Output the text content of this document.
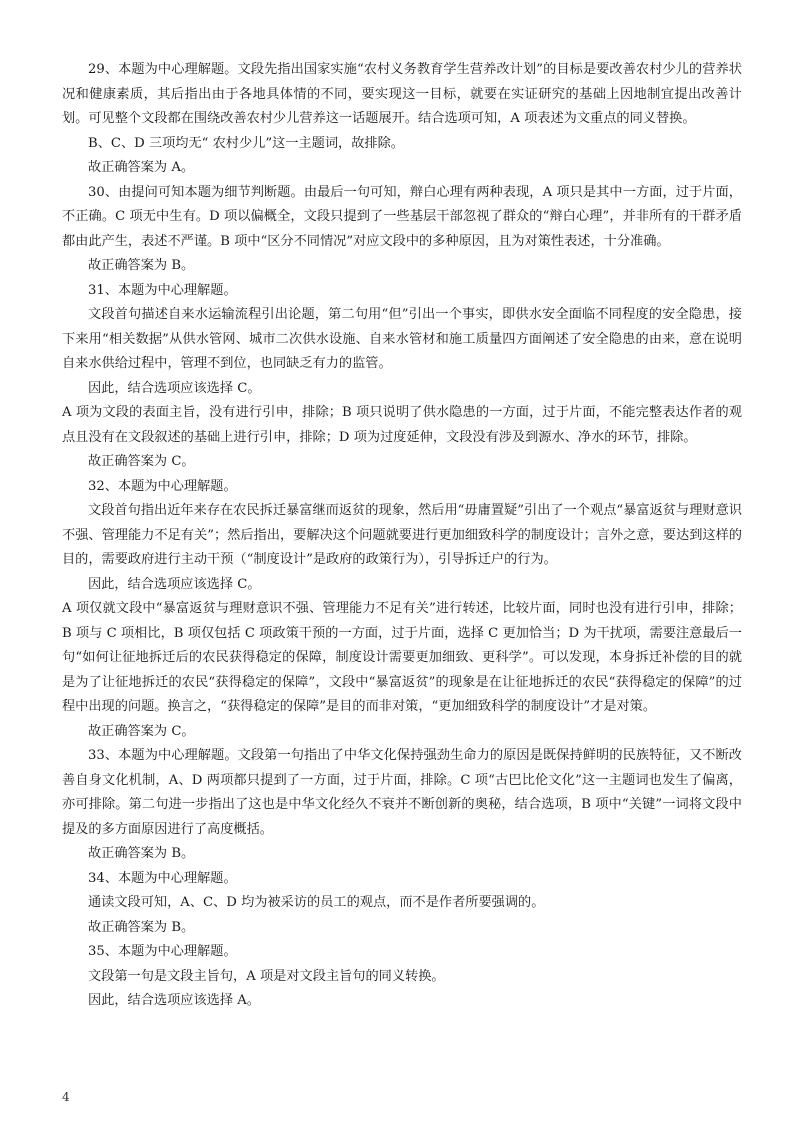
29、本题为中心理解题。文段先指出国家实施“农村义务教育学生营养改计划”的目标是要改善农村少儿的营养状况和健康素质，其后指出由于各地具体情的不同，要实现这一目标，就要在实证研究的基础上因地制宜提出改善计划。可见整个文段都在围绕改善农村少儿营养这一话题展开。结合选项可知，A 项表述为文重点的同义替换。

B、C、D 三项均无“ 农村少儿”这一主题词，故排除。

故正确答案为 A。

30、由提问可知本题为细节判断题。由最后一句可知，辩白心理有两种表现，A 项只是其中一方面，过于片面，不正确。C 项无中生有。D 项以偏概全，文段只提到了一些基层干部忽视了群众的“辩白心理”，并非所有的干群矛盾都由此产生，表述不严谨。B 项中“区分不同情况”对应文段中的多种原因，且为对策性表述，十分准确。

故正确答案为 B。

31、本题为中心理解题。

文段首句描述自来水运输流程引出论题，第二句用“但”引出一个事实，即供水安全面临不同程度的安全隐患，接下来用“相关数据”从供水管网、城市二次供水设施、自来水管材和施工质量四方面阐述了安全隐患的由来，意在说明自来水供给过程中，管理不到位，也同缺乏有力的监管。

因此，结合选项应该选择 C。

A 项为文段的表面主旨，没有进行引申，排除；B 项只说明了供水隐患的一方面，过于片面，不能完整表达作者的观点且没有在文段叙述的基础上进行引申，排除；D 项为过度延伸，文段没有涉及到源水、净水的环节，排除。

故正确答案为 C。

32、本题为中心理解题。

文段首句指出近年来存在农民拆迁暴富继而返贫的现象，然后用“毋庸置疑”引出了一个观点“暴富返贫与理财意识不强、管理能力不足有关”；然后指出，要解决这个问题就要进行更加细致科学的制度设计；言外之意，要达到这样的目的，需要政府进行主动干预（“制度设计”是政府的政策行为），引导拆迁户的行为。

因此，结合选项应该选择 C。

A 项仅就文段中“暴富返贫与理财意识不强、管理能力不足有关”进行转述，比较片面，同时也没有进行引申，排除；B 项与 C 项相比，B 项仅包括 C 项政策干预的一方面，过于片面，选择 C 更加恰当；D 为干扰项，需要注意最后一句“如何让征地拆迁后的农民获得稳定的保障，制度设计需要更加细致、更科学”。可以发现，本身拆迁补偿的目的就是为了让征地拆迁的农民“获得稳定的保障”，文段中“暴富返贫”的现象是在让征地拆迁的农民“获得稳定的保障”的过程中出现的问题。换言之，“获得稳定的保障”是目的而非对策，“更加细致科学的制度设计”才是对策。

故正确答案为 C。

33、本题为中心理解题。文段第一句指出了中华文化保持强劲生命力的原因是既保持鲜明的民族特征，又不断改善自身文化机制，A、D 两项都只提到了一方面，过于片面，排除。C 项“古巴比伦文化”这一主题词也发生了偏离，亦可排除。第二句进一步指出了这也是中华文化经久不衰并不断创新的奥秘，结合选项，B 项中“关键”一词将文段中提及的多方面原因进行了高度概括。

故正确答案为 B。

34、本题为中心理解题。

通读文段可知，A、C、D 均为被采访的员工的观点，而不是作者所要强调的。

故正确答案为 B。

35、本题为中心理解题。

文段第一句是文段主旨句，A 项是对文段主旨句的同义转换。

因此，结合选项应该选择 A。

4
